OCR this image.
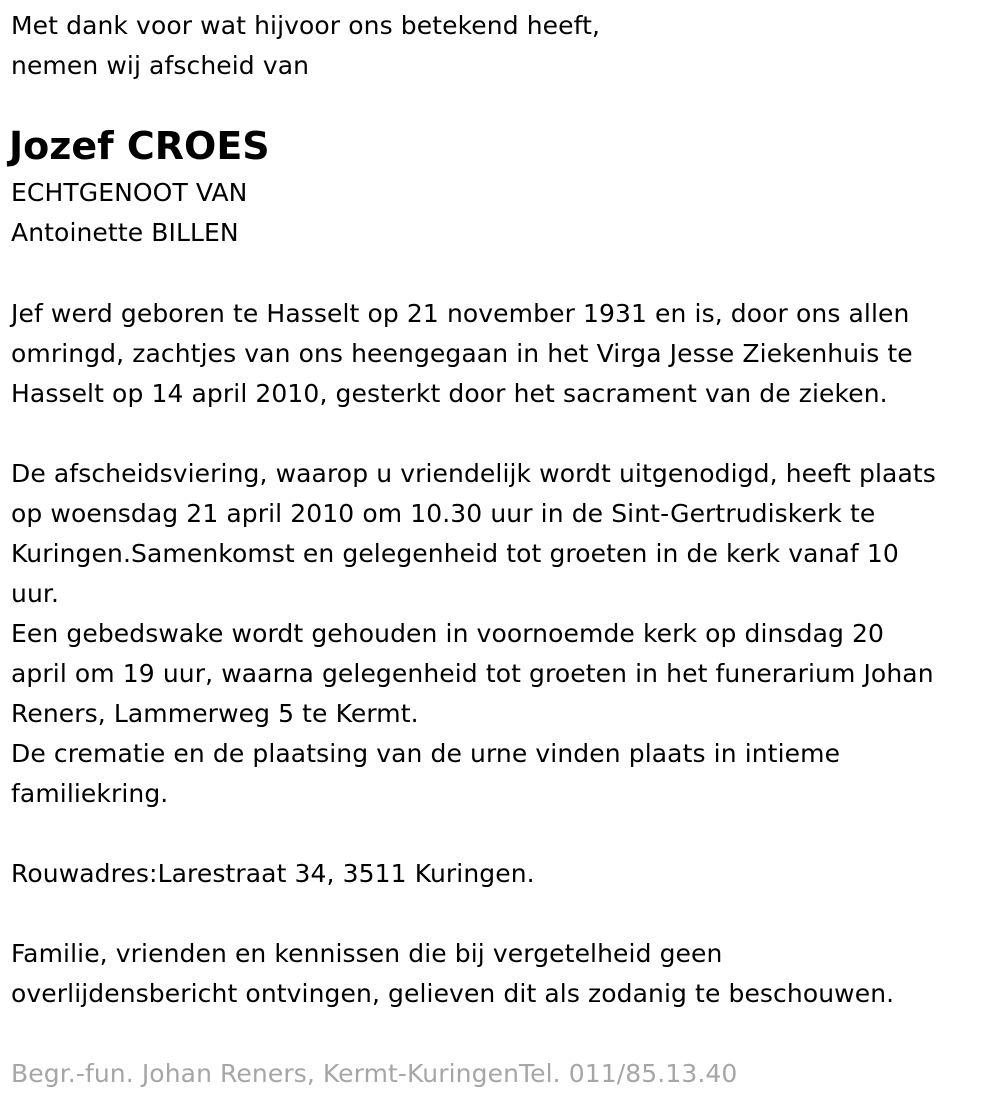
Met dank voor wat hijvoor ons betekend heeft,
nemen wij afscheid van
Jozef CROES
ECHTGENOOT VAN
Antoinette BILLEN
Jef werd geboren te Hasselt op 21 november 1931 en is, door ons allen
omringd, zachtjes van ons heengegaan in het Virga Jesse Ziekenhuis te
Hasselt op 14 april 2010, gesterkt door het sacrament van de zieken.
De afscheidsviering, waarop u vriendelijk wordt uitgenodigd, heeft plaats
op woensdag 21 april 2010 om 10.30 uur in de Sint-Gertrudiskerk te
Kuringen.Samenkomst en gelegenheid tot groeten in de kerk vanaf 10
uur.
Een gebedswake wordt gehouden in voornoemde kerk op dinsdag 20
april om 19 uur, waarna gelegenheid tot groeten in het funerarium Johan
Reners, Lammerweg 5 te Kermt.
De crematie en de plaatsing van de urne vinden plaats in intieme
familiekring.
Rouwadres:Larestraat 34, 3511 Kuringen.
Familie, vrienden en kennissen die bij vergetelheid geen
overlijdensbericht ontvingen, gelieven dit als zodanig te beschouwen.
Begr.-fun. Johan Reners, Kermt-KuringenTel. 011/85.13.40
